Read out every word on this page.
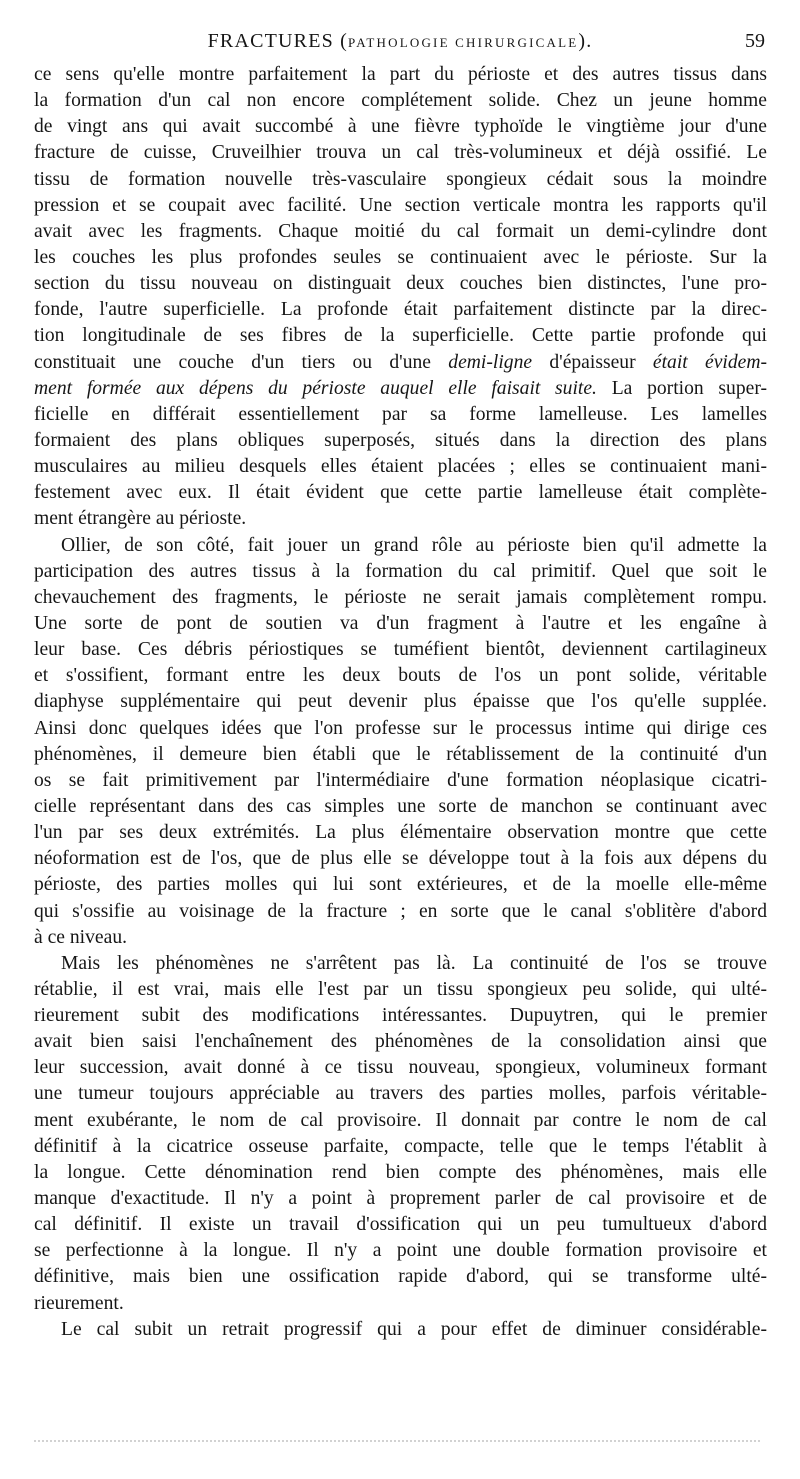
FRACTURES (PATHOLOGIE CHIRURGICALE).	59
ce sens qu'elle montre parfaitement la part du périoste et des autres tissus dans
la formation d'un cal non encore complétement solide. Chez un jeune homme
de vingt ans qui avait succombé à une fièvre typhoïde le vingtième jour d'une
fracture de cuisse, Cruveilhier trouva un cal très-volumineux et déjà ossifié. Le
tissu de formation nouvelle très-vasculaire spongieux cédait sous la moindre
pression et se coupait avec facilité. Une section verticale montra les rapports qu'il
avait avec les fragments. Chaque moitié du cal formait un demi-cylindre dont
les couches les plus profondes seules se continuaient avec le périoste. Sur la
section du tissu nouveau on distinguait deux couches bien distinctes, l'une pro-
fonde, l'autre superficielle. La profonde était parfaitement distincte par la direc-
tion longitudinale de ses fibres de la superficielle. Cette partie profonde qui
constituait une couche d'un tiers ou d'une demi-ligne d'épaisseur était évidem-
ment formée aux dépens du périoste auquel elle faisait suite. La portion super-
ficielle en différait essentiellement par sa forme lamelleuse. Les lamelles
formaient des plans obliques superposés, situés dans la direction des plans
musculaires au milieu desquels elles étaient placées ; elles se continuaient mani-
festement avec eux. Il était évident que cette partie lamelleuse était complète-
ment étrangère au périoste.
Ollier, de son côté, fait jouer un grand rôle au périoste bien qu'il admette la
participation des autres tissus à la formation du cal primitif. Quel que soit le
chevauchement des fragments, le périoste ne serait jamais complètement rompu.
Une sorte de pont de soutien va d'un fragment à l'autre et les engaîne à
leur base. Ces débris périostiques se tuméfient bientôt, deviennent cartilagineux
et s'ossifient, formant entre les deux bouts de l'os un pont solide, véritable
diaphyse supplémentaire qui peut devenir plus épaisse que l'os qu'elle supplée.
Ainsi donc quelques idées que l'on professe sur le processus intime qui dirige ces
phénomènes, il demeure bien établi que le rétablissement de la continuité d'un
os se fait primitivement par l'intermédiaire d'une formation néoplasique cicatri-
cielle représentant dans des cas simples une sorte de manchon se continuant avec
l'un par ses deux extrémités. La plus élémentaire observation montre que cette
néoformation est de l'os, que de plus elle se développe tout à la fois aux dépens du
périoste, des parties molles qui lui sont extérieures, et de la moelle elle-même
qui s'ossifie au voisinage de la fracture ; en sorte que le canal s'oblitère d'abord
à ce niveau.
Mais les phénomènes ne s'arrêtent pas là. La continuité de l'os se trouve
rétablie, il est vrai, mais elle l'est par un tissu spongieux peu solide, qui ulté-
rieurement subit des modifications intéressantes. Dupuytren, qui le premier
avait bien saisi l'enchaînement des phénomènes de la consolidation ainsi que
leur succession, avait donné à ce tissu nouveau, spongieux, volumineux formant
une tumeur toujours appréciable au travers des parties molles, parfois véritable-
ment exubérante, le nom de cal provisoire. Il donnait par contre le nom de cal
définitif à la cicatrice osseuse parfaite, compacte, telle que le temps l'établit à
la longue. Cette dénomination rend bien compte des phénomènes, mais elle
manque d'exactitude. Il n'y a point à proprement parler de cal provisoire et de
cal définitif. Il existe un travail d'ossification qui un peu tumultueux d'abord
se perfectionne à la longue. Il n'y a point une double formation provisoire et
définitive, mais bien une ossification rapide d'abord, qui se transforme ulté-
rieurement.
Le cal subit un retrait progressif qui a pour effet de diminuer considérable-
